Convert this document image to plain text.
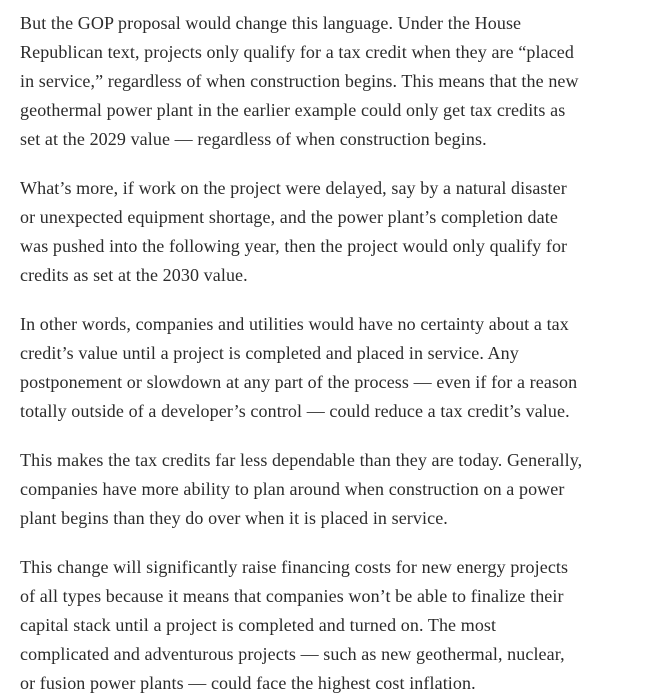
But the GOP proposal would change this language. Under the House
Republican text, projects only qualify for a tax credit when they are “placed
in service,” regardless of when construction begins. This means that the new
geothermal power plant in the earlier example could only get tax credits as
set at the 2029 value — regardless of when construction begins.

What’s more, if work on the project were delayed, say by a natural disaster
or unexpected equipment shortage, and the power plant’s completion date
was pushed into the following year, then the project would only qualify for
credits as set at the 2030 value.

In other words, companies and utilities would have no certainty about a tax
credit’s value until a project is completed and placed in service. Any
postponement or slowdown at any part of the process — even if for a reason
totally outside of a developer’s control — could reduce a tax credit’s value.

This makes the tax credits far less dependable than they are today. Generally,
companies have more ability to plan around when construction on a power
plant begins than they do over when it is placed in service.

This change will significantly raise financing costs for new energy projects
of all types because it means that companies won’t be able to finalize their
capital stack until a project is completed and turned on. The most
complicated and adventurous projects — such as new geothermal, nuclear,
or fusion power plants — could face the highest cost inflation.
